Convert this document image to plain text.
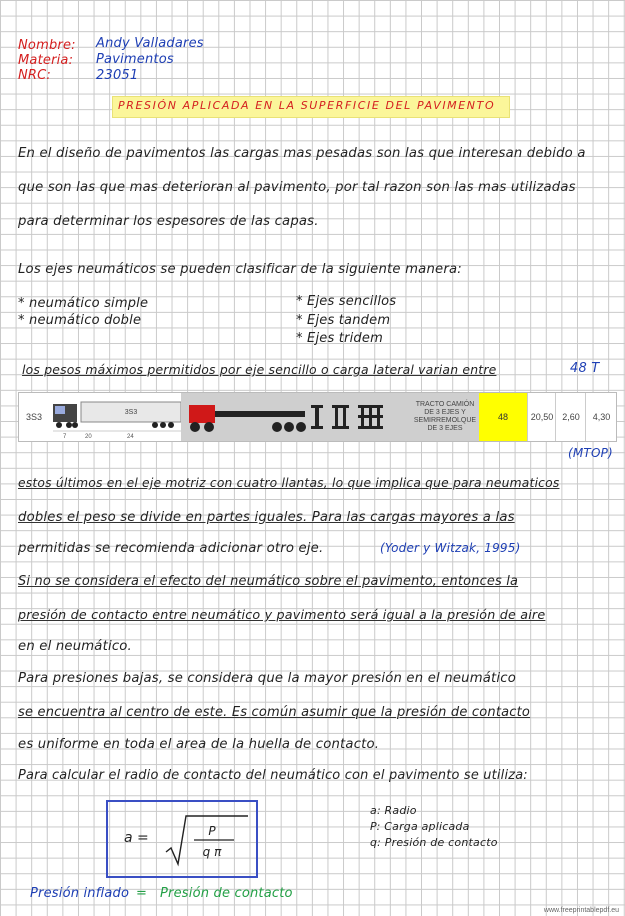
Nombre: Andy Valladares
Materia: Pavimentos
NRC:	23051
PRESIÓN APLICADA EN LA SUPERFICIE DEL PAVIMENTO
En el diseño de pavimentos las cargas mas pesadas son las que interesan debido a
que son las que mas deterioran al pavimento, por tal razon son las mas utilizadas
para determinar los espesores de las capas.
Los ejes neumáticos se pueden clasificar de la siguiente manera:
* neumático simple
* neumático doble
* Ejes sencillos
* Ejes tandem
* Ejes tridem
los pesos máximos permitidos por eje sencillo o carga lateral varian entre	48 T
3S3	3S3
7	20	24
TRACTO CAMIÓN DE 3 EJES Y SEMIRREMOLQUE DE 3 EJES
48	20,50 2,60	4,30
(MTOP)
estos últimos en el eje motriz con cuatro llantas, lo que implica que para neumaticos
dobles el peso se divide en partes iguales. Para las cargas mayores a las
permitidas se recomienda adicionar otro eje.	(Yoder y Witzak, 1995)
Si no se considera el efecto del neumático sobre el pavimento, entonces la
presión de contacto entre neumático y pavimento será igual a la presión de aire
en el neumático.
Para presiones bajas, se considera que la mayor presión en el neumático
se encuentra al centro de este. Es común asumir que la presión de contacto
es uniforme en toda el area de la huella de contacto.
Para calcular el radio de contacto del neumático con el pavimento se utiliza:
a =	P
q π
a: Radio
P: Carga aplicada
q: Presión de contacto
Presión inflado = Presión de contacto
www.freeprintablepdf.eu
